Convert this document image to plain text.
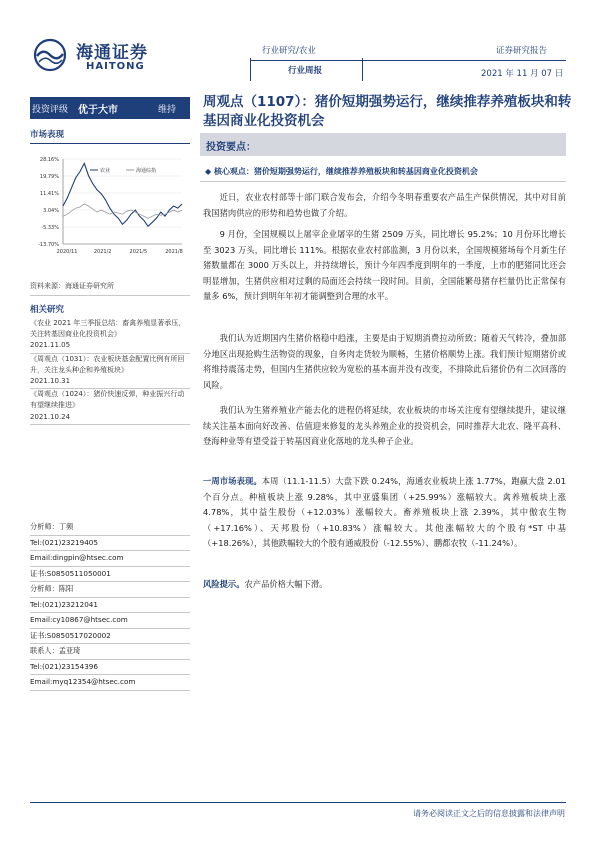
海通证券
HAITONG
行业研究/农业	证券研究报告
行业周报	2021 年 11 月 07 日
投资评级 优于大市	维持
市场表现
28.16%
19.79%
11.41%
3.04%
-5.33%
-13.70%
2020/11	2021/2	2021/5	2021/8
农业	海通综指
资料来源：海通证券研究所
相关研究
《农业 2021 年三季报总结：畜禽养殖显著承压，关注转基因商业化投资机会》
2021.11.05
《周观点（1031）：农业板块基金配置比例有所回升，关注龙头种企和养殖板块》
2021.10.31
《周观点（1024）：猪价快速反弹，种业振兴行动有望继续推进》
2021.10.24
分析师：丁频
Tel:(021)23219405
Email:dingpin@htsec.com
证书:S0850511050001
分析师：陈阳
Tel:(021)23212041
Email:cy10867@htsec.com
证书:S0850517020002
联系人：孟亚琦
Tel:(021)23154396
Email:myq12354@htsec.com
周观点（1107）：猪价短期强势运行，继续推荐养殖板块和转基因商业化投资机会
投资要点：
◆ 核心观点：猪价短期强势运行，继续推荐养殖板块和转基因商业化投资机会
近日，农业农村部等十部门联合发布会，介绍今冬明春重要农产品生产保供情况，其中对目前我国猪肉供应的形势和趋势也做了介绍。
9 月份，全国规模以上屠宰企业屠宰的生猪 2509 万头，同比增长 95.2%；10 月份环比增长至 3023 万头，同比增长 111%。根据农业农村部监测，3 月份以来，全国规模猪场每个月新生仔猪数量都在 3000 万头以上，并持续增长，预计今年四季度到明年的一季度，上市的肥猪同比还会明显增加，生猪供应相对过剩的局面还会持续一段时间。目前，全国能繁母猪存栏量仍比正常保有量多 6%，预计到明年年初才能调整到合理的水平。
我们认为近期国内生猪价格稳中趋涨，主要是由于短期消费拉动所致；随着天气转冷，叠加部分地区出现抢购生活物资的现象，自务肉走货较为顺畅，生猪价格顺势上涨。我们预计短期猪价或将维持震荡走势，但国内生猪供应较为宽松的基本面并没有改变，不排除此后猪价仍有二次回落的风险。
我们认为生猪养殖业产能去化的进程仍将延续，农业板块的市场关注度有望继续提升，建议继续关注基本面向好改善、估值迎来修复的龙头养殖企业的投资机会，同时推荐大北农、隆平高科、登海种业等有望受益于转基因商业化落地的龙头种子企业。
一周市场表现。本周（11.1-11.5）大盘下跌 0.24%，海通农业板块上涨 1.77%，跑赢大盘 2.01 个百分点。种植板块上涨 9.28%，其中亚盛集团（+25.99%）涨幅较大。禽养殖板块上涨 4.78%，其中益生股份（+12.03%）涨幅较大。畜养殖板块上涨 2.39%，其中傲农生物（+17.16%）、天邦股份（+10.83%）涨幅较大。其他涨幅较大的个股有*ST 中基（+18.26%），其他跌幅较大的个股有通威股份（-12.55%）、鹏都农牧（-11.24%）。
风险提示。农产品价格大幅下滑。
请务必阅读正文之后的信息披露和法律声明
